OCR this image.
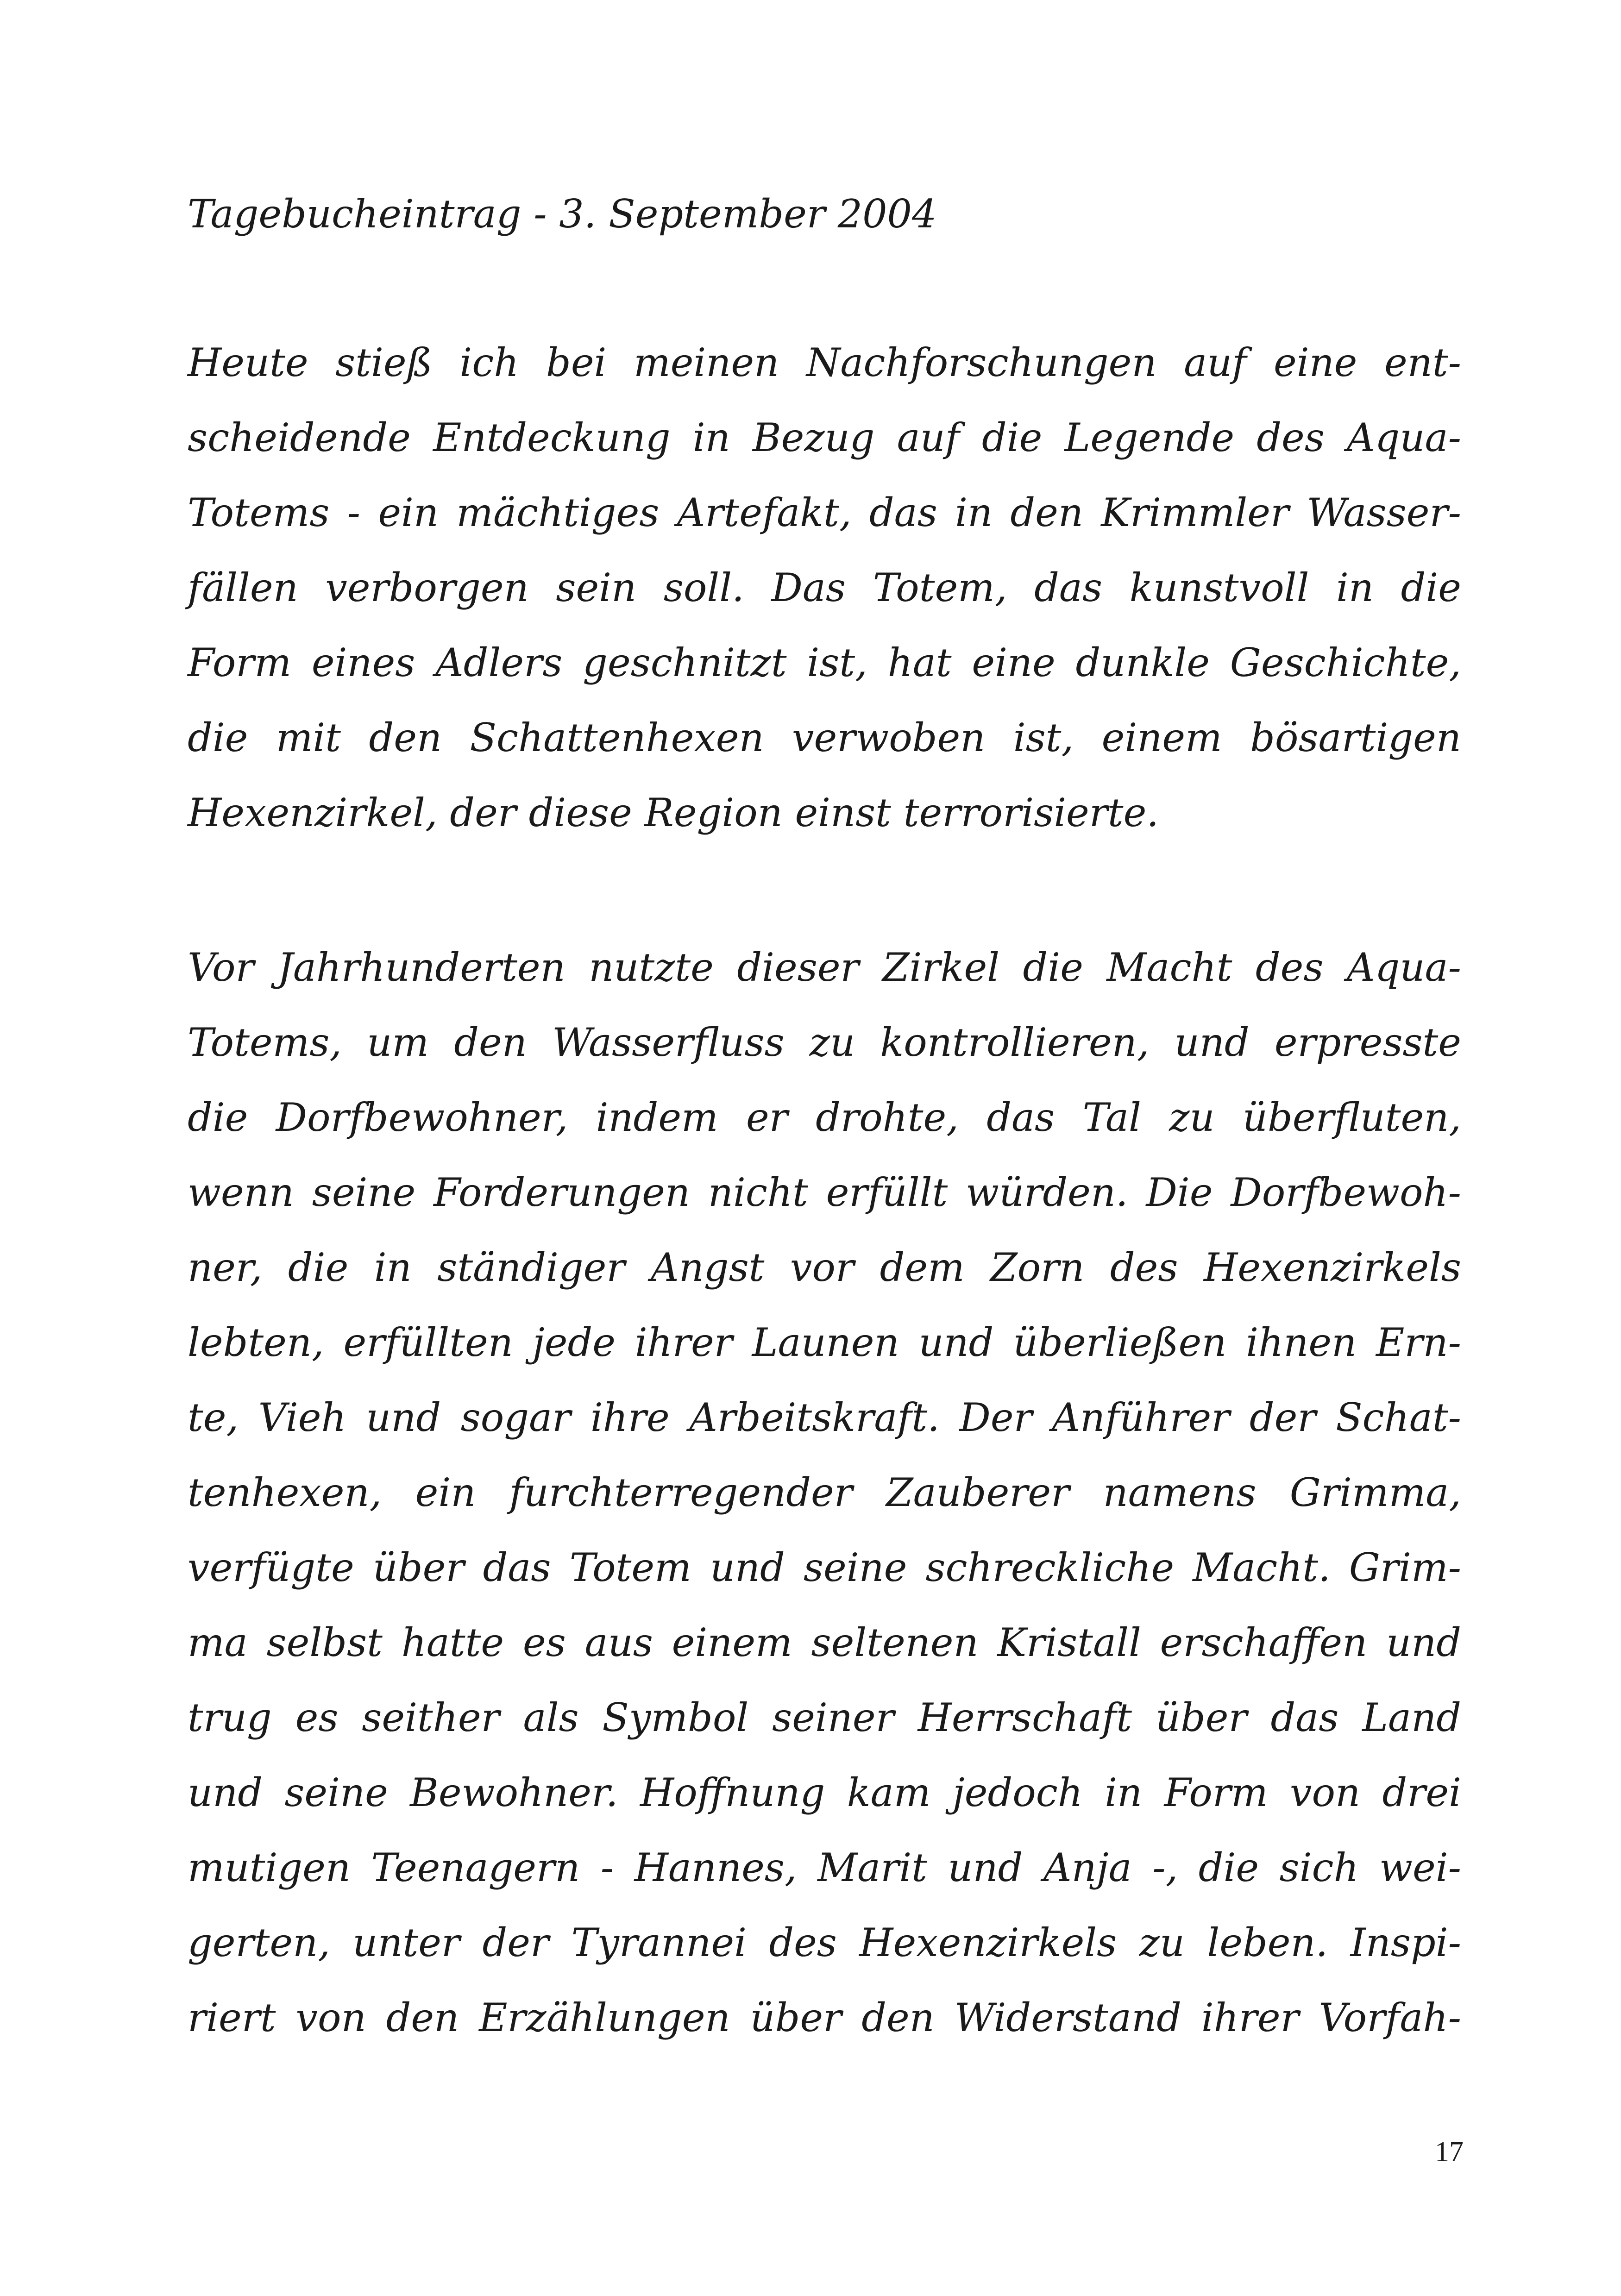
Tagebucheintrag - 3. September 2004
Heute stieß ich bei meinen Nachforschungen auf eine ent-
scheidende Entdeckung in Bezug auf die Legende des Aqua-
Totems - ein mächtiges Artefakt, das in den Krimmler Wasser-
fällen verborgen sein soll. Das Totem, das kunstvoll in die
Form eines Adlers geschnitzt ist, hat eine dunkle Geschichte,
die mit den Schattenhexen verwoben ist, einem bösartigen
Hexenzirkel, der diese Region einst terrorisierte.
Vor Jahrhunderten nutzte dieser Zirkel die Macht des Aqua-
Totems, um den Wasserfluss zu kontrollieren, und erpresste
die Dorfbewohner, indem er drohte, das Tal zu überfluten,
wenn seine Forderungen nicht erfüllt würden. Die Dorfbewoh-
ner, die in ständiger Angst vor dem Zorn des Hexenzirkels
lebten, erfüllten jede ihrer Launen und überließen ihnen Ern-
te, Vieh und sogar ihre Arbeitskraft. Der Anführer der Schat-
tenhexen, ein furchterregender Zauberer namens Grimma,
verfügte über das Totem und seine schreckliche Macht. Grim-
ma selbst hatte es aus einem seltenen Kristall erschaffen und
trug es seither als Symbol seiner Herrschaft über das Land
und seine Bewohner. Hoffnung kam jedoch in Form von drei
mutigen Teenagern - Hannes, Marit und Anja -, die sich wei-
gerten, unter der Tyrannei des Hexenzirkels zu leben. Inspi-
riert von den Erzählungen über den Widerstand ihrer Vorfah-
17
